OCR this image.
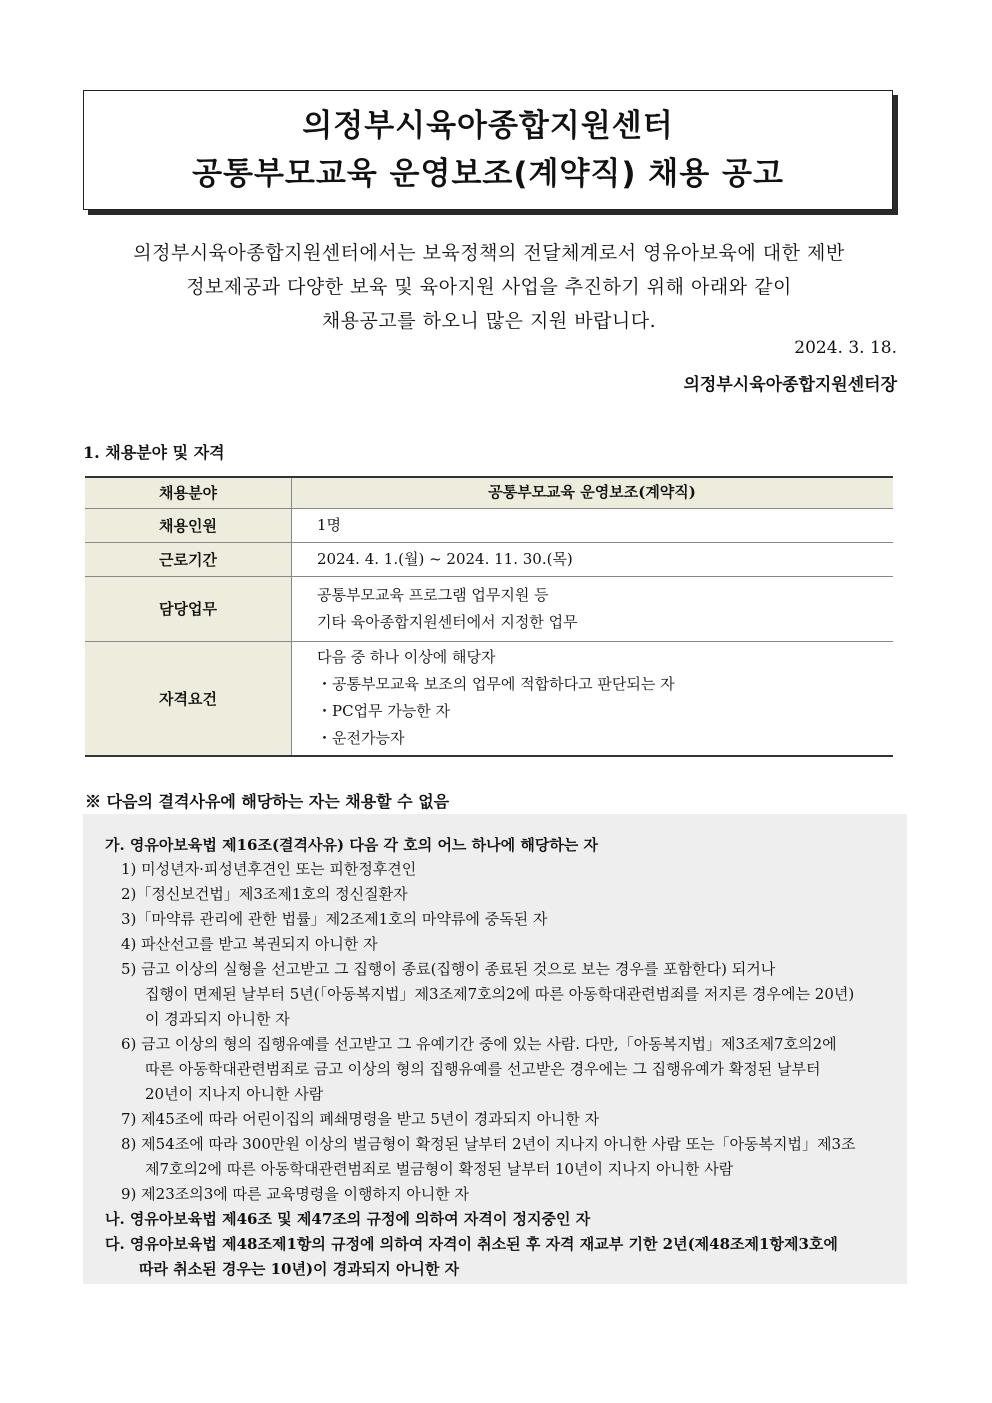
의정부시육아종합지원센터
공통부모교육 운영보조(계약직) 채용 공고
의정부시육아종합지원센터에서는 보육정책의 전달체계로서 영유아보육에 대한 제반
정보제공과 다양한 보육 및 육아지원 사업을 추진하기 위해 아래와 같이
채용공고를 하오니 많은 지원 바랍니다.
2024. 3. 18.
의정부시육아종합지원센터장
1. 채용분야 및 자격
채용분야	공통부모교육 운영보조(계약직)

채용인원	1명

근로기간	2024. 4. 1.(월) ~ 2024. 11. 30.(목)

담당업무	공통부모교육 프로그램 업무지원 등
기타 육아종합지원센터에서 지정한 업무

자격요건	다음 중 하나 이상에 해당자
・공통부모교육 보조의 업무에 적합하다고 판단되는 자
・PC업무 가능한 자
・운전가능자
※ 다음의 결격사유에 해당하는 자는 채용할 수 없음
가. 영유아보육법 제16조(결격사유) 다음 각 호의 어느 하나에 해당하는 자
1) 미성년자·피성년후견인 또는 피한정후견인
2)「정신보건법」제3조제1호의 정신질환자
3)「마약류 관리에 관한 법률」제2조제1호의 마약류에 중독된 자
4) 파산선고를 받고 복권되지 아니한 자
5) 금고 이상의 실형을 선고받고 그 집행이 종료(집행이 종료된 것으로 보는 경우를 포함한다) 되거나
집행이 면제된 날부터 5년(「아동복지법」제3조제7호의2에 따른 아동학대관련범죄를 저지른 경우에는 20년)
이 경과되지 아니한 자
6) 금고 이상의 형의 집행유예를 선고받고 그 유예기간 중에 있는 사람. 다만,「아동복지법」제3조제7호의2에
따른 아동학대관련범죄로 금고 이상의 형의 집행유예를 선고받은 경우에는 그 집행유예가 확정된 날부터
20년이 지나지 아니한 사람
7) 제45조에 따라 어린이집의 폐쇄명령을 받고 5년이 경과되지 아니한 자
8) 제54조에 따라 300만원 이상의 벌금형이 확정된 날부터 2년이 지나지 아니한 사람 또는「아동복지법」제3조
제7호의2에 따른 아동학대관련범죄로 벌금형이 확정된 날부터 10년이 지나지 아니한 사람
9) 제23조의3에 따른 교육명령을 이행하지 아니한 자
나. 영유아보육법 제46조 및 제47조의 규정에 의하여 자격이 정지중인 자
다. 영유아보육법 제48조제1항의 규정에 의하여 자격이 취소된 후 자격 재교부 기한 2년(제48조제1항제3호에
따라 취소된 경우는 10년)이 경과되지 아니한 자
